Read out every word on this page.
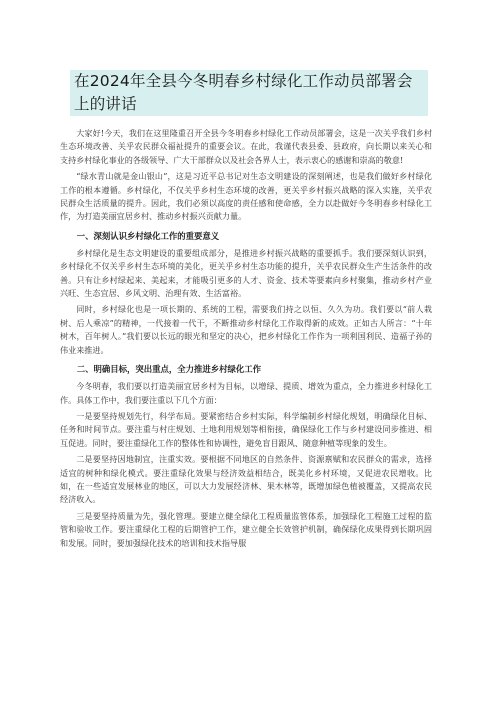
在2024年全县今冬明春乡村绿化工作动员部署会上的讲话

大家好!今天，我们在这里隆重召开全县今冬明春乡村绿化工作动员部署会，这是一次关乎我们乡村生态环境改善、关乎农民群众福祉提升的重要会议。在此，我谨代表县委、县政府，向长期以来关心和支持乡村绿化事业的各级领导、广大干部群众以及社会各界人士，表示衷心的感谢和崇高的敬意!

“绿水青山就是金山银山”，这是习近平总书记对生态文明建设的深刻阐述，也是我们做好乡村绿化工作的根本遵循。乡村绿化，不仅关乎乡村生态环境的改善，更关乎乡村振兴战略的深入实施，关乎农民群众生活质量的提升。因此，我们必须以高度的责任感和使命感，全力以赴做好今冬明春乡村绿化工作，为打造美丽宜居乡村、推动乡村振兴贡献力量。

一、深刻认识乡村绿化工作的重要意义

乡村绿化是生态文明建设的重要组成部分，是推进乡村振兴战略的重要抓手。我们要深刻认识到，乡村绿化不仅关乎乡村生态环境的美化，更关乎乡村生态功能的提升，关乎农民群众生产生活条件的改善。只有让乡村绿起来、美起来，才能吸引更多的人才、资金、技术等要素向乡村聚集，推动乡村产业兴旺、生态宜居、乡风文明、治理有效、生活富裕。

同时，乡村绿化也是一项长期的、系统的工程，需要我们持之以恒、久久为功。我们要以“前人栽树、后人乘凉”的精神，一代接着一代干，不断推动乡村绿化工作取得新的成效。正如古人所言：“十年树木，百年树人。”我们要以长远的眼光和坚定的决心，把乡村绿化工作作为一项利国利民、造福子孙的伟业来推进。

二、明确目标，突出重点，全力推进乡村绿化工作

今冬明春，我们要以打造美丽宜居乡村为目标，以增绿、提质、增效为重点，全力推进乡村绿化工作。具体工作中，我们要注重以下几个方面：

一是要坚持规划先行，科学布局。要紧密结合乡村实际，科学编制乡村绿化规划，明确绿化目标、任务和时间节点。要注重与村庄规划、土地利用规划等相衔接，确保绿化工作与乡村建设同步推进、相互促进。同时，要注重绿化工作的整体性和协调性，避免盲目跟风、随意种植等现象的发生。

二是要坚持因地制宜，注重实效。要根据不同地区的自然条件、资源禀赋和农民群众的需求，选择适宜的树种和绿化模式。要注重绿化效果与经济效益相结合，既美化乡村环境，又促进农民增收。比如，在一些适宜发展林业的地区，可以大力发展经济林、果木林等，既增加绿色植被覆盖，又提高农民经济收入。

三是要坚持质量为先，强化管理。要建立健全绿化工程质量监管体系，加强绿化工程施工过程的监管和验收工作。要注重绿化工程的后期管护工作，建立健全长效管护机制，确保绿化成果得到长期巩固和发展。同时，要加强绿化技术的培训和技术指导服
